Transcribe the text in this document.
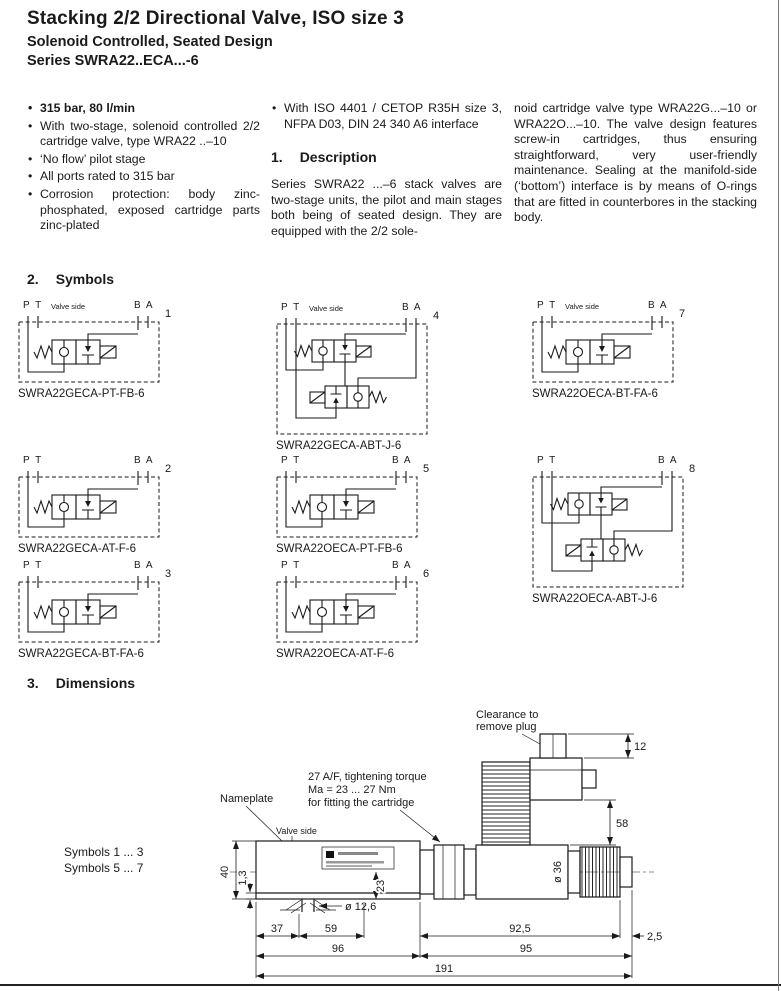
Stacking 2/2 Directional Valve, ISO size 3
Solenoid Controlled, Seated Design
Series SWRA22..ECA...-6
• 315 bar, 80 l/min
• With two-stage, solenoid controlled 2/2 cartridge valve, type WRA22 ..–10
• ‘No flow’ pilot stage
• All ports rated to 315 bar
• Corrosion protection: body zinc-phosphated, exposed cartridge parts zinc-plated
• With ISO 4401 / CETOP R35H size 3, NFPA D03, DIN 24 340 A6 interface
1. Description

Series SWRA22 ...–6 stack valves are two-stage units, the pilot and main stages both being of seated design. They are equipped with the 2/2 sole-

noid cartridge valve type WRA22G...–10 or WRA22O...–10. The valve design features screw-in cartridges, thus ensuring straightforward, very user-friendly maintenance. Sealing at the manifold-side (‘bottom’) interface is by means of O-rings that are fitted in counterbores in the stacking body.

2. Symbols
P T Valve side	B A
1
SWRA22GECA-PT-FB-6
P T	B A
2
SWRA22GECA-AT-F-6
P T	B A
3
SWRA22GECA-BT-FA-6
P T Valve side	B A
4
SWRA22GECA-ABT-J-6
P T	B A
5
SWRA22OECA-PT-FB-6
P T	B A
6
SWRA22OECA-AT-F-6
P T Valve side	B A
7
SWRA22OECA-BT-FA-6
P T	B A
8
SWRA22OECA-ABT-J-6
3. Dimensions
Valve side
Nameplate
ø 12,6
ø 36
Clearance to
remove plug
27 A/F, tightening torque
Ma = 23 ... 27 Nm
for fitting the cartridge
Symbols 1 ... 3
Symbols 5 ... 7	40 1,3
23
58
12
37	59	92,5
2,5
96	95
191
